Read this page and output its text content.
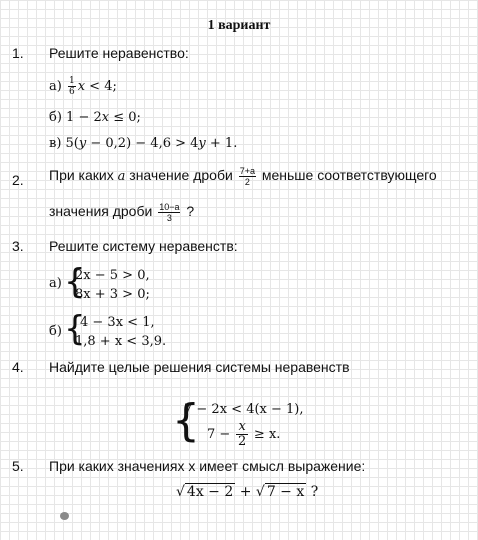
1 вариант
1. Решите неравенство:
$а) \frac{1}{6}$ x < 4;
б) 1 − 2x ≤ 0;
в) 5(y − 0,2) − 4,6 > 4y + 1.
2. При каких a значение дроби $\frac{7+a}{2}$ меньше соответствующего
значения дроби $\frac{10-a}{3}$ ?
3. Решите систему неравенств:
а) {
2x − 5 > 0,
8x + 3 > 0;
б) {
4 − 3x < 1,
1,8 + x < 3,9.
4. Найдите целые решения системы неравенств
{
7 − 2x < 4(x − 1),
$7 - \frac{x}{2} \ge x$.
5. При каких значениях x имеет смысл выражение:
√ 4x − 2 + √ 7 − x ?
